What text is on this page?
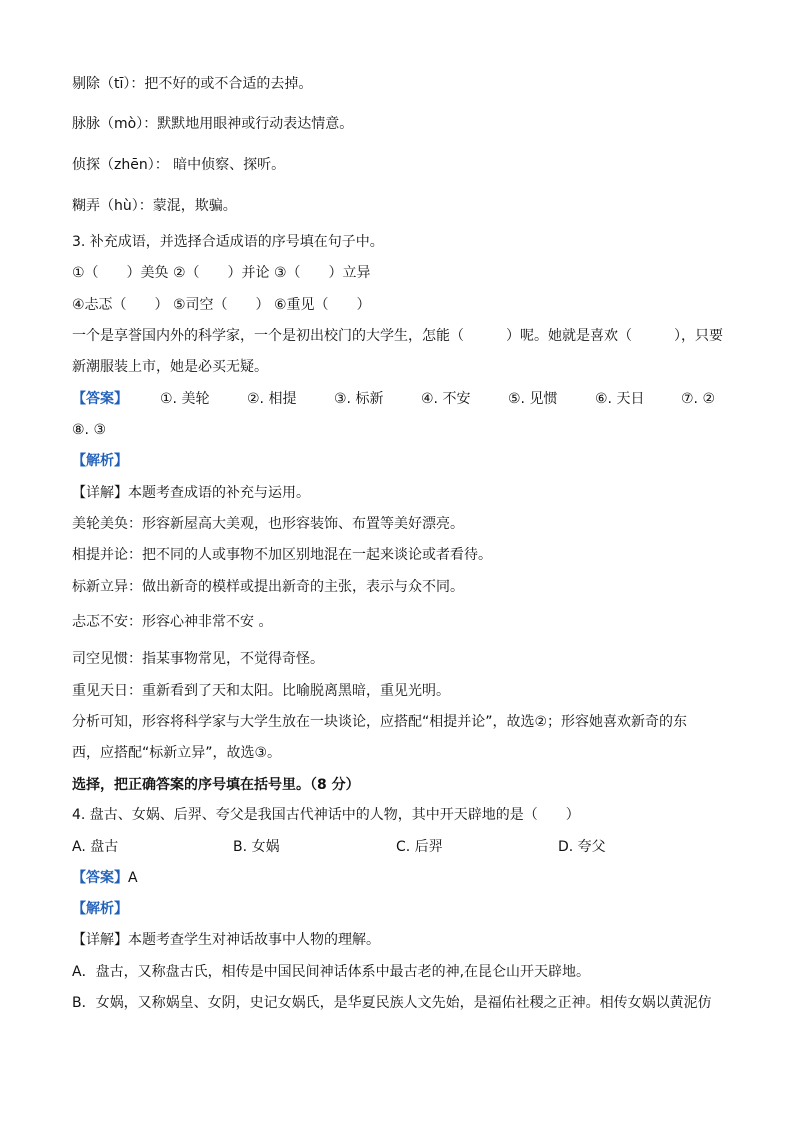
剔除（tī）：把不好的或不合适的去掉。
脉脉（mò）：默默地用眼神或行动表达情意。
侦探（zhēn）： 暗中侦察、探听。
糊弄（hù）：蒙混，欺骗。
3. 补充成语，并选择合适成语的序号填在句子中。
①（　　）美奂 ②（　　）并论 ③（　　）立异
④忐忑（　　） ⑤司空（　　） ⑥重见（　　）
一个是享誉国内外的科学家，一个是初出校门的大学生，怎能（　　　）呢。她就是喜欢（　　　），只要
新潮服装上市，她是必买无疑。
【答案】 ①. 美轮	②. 相提	③. 标新	④. 不安	⑤. 见惯	⑥. 天日	⑦. ②
⑧. ③
【解析】
【详解】本题考查成语的补充与运用。
美轮美奂：形容新屋高大美观，也形容装饰、布置等美好漂亮。
相提并论：把不同的人或事物不加区别地混在一起来谈论或者看待。
标新立异：做出新奇的模样或提出新奇的主张，表示与众不同。
忐忑不安：形容心神非常不安 。
司空见惯：指某事物常见，不觉得奇怪。
重见天日：重新看到了天和太阳。比喻脱离黑暗，重见光明。
分析可知，形容将科学家与大学生放在一块谈论，应搭配“相提并论”，故选②；形容她喜欢新奇的东
西，应搭配“标新立异”，故选③。
选择，把正确答案的序号填在括号里。（8 分）
4. 盘古、女娲、后羿、夸父是我国古代神话中的人物，其中开天辟地的是（　　）
A. 盘古	B. 女娲	C. 后羿	D. 夸父
【答案】A
【解析】
【详解】本题考查学生对神话故事中人物的理解。
A．盘古，又称盘古氏，相传是中国民间神话体系中最古老的神,在昆仑山开天辟地。
B．女娲，又称娲皇、女阴，史记女娲氏，是华夏民族人文先始，是福佑社稷之正神。相传女娲以黄泥仿
